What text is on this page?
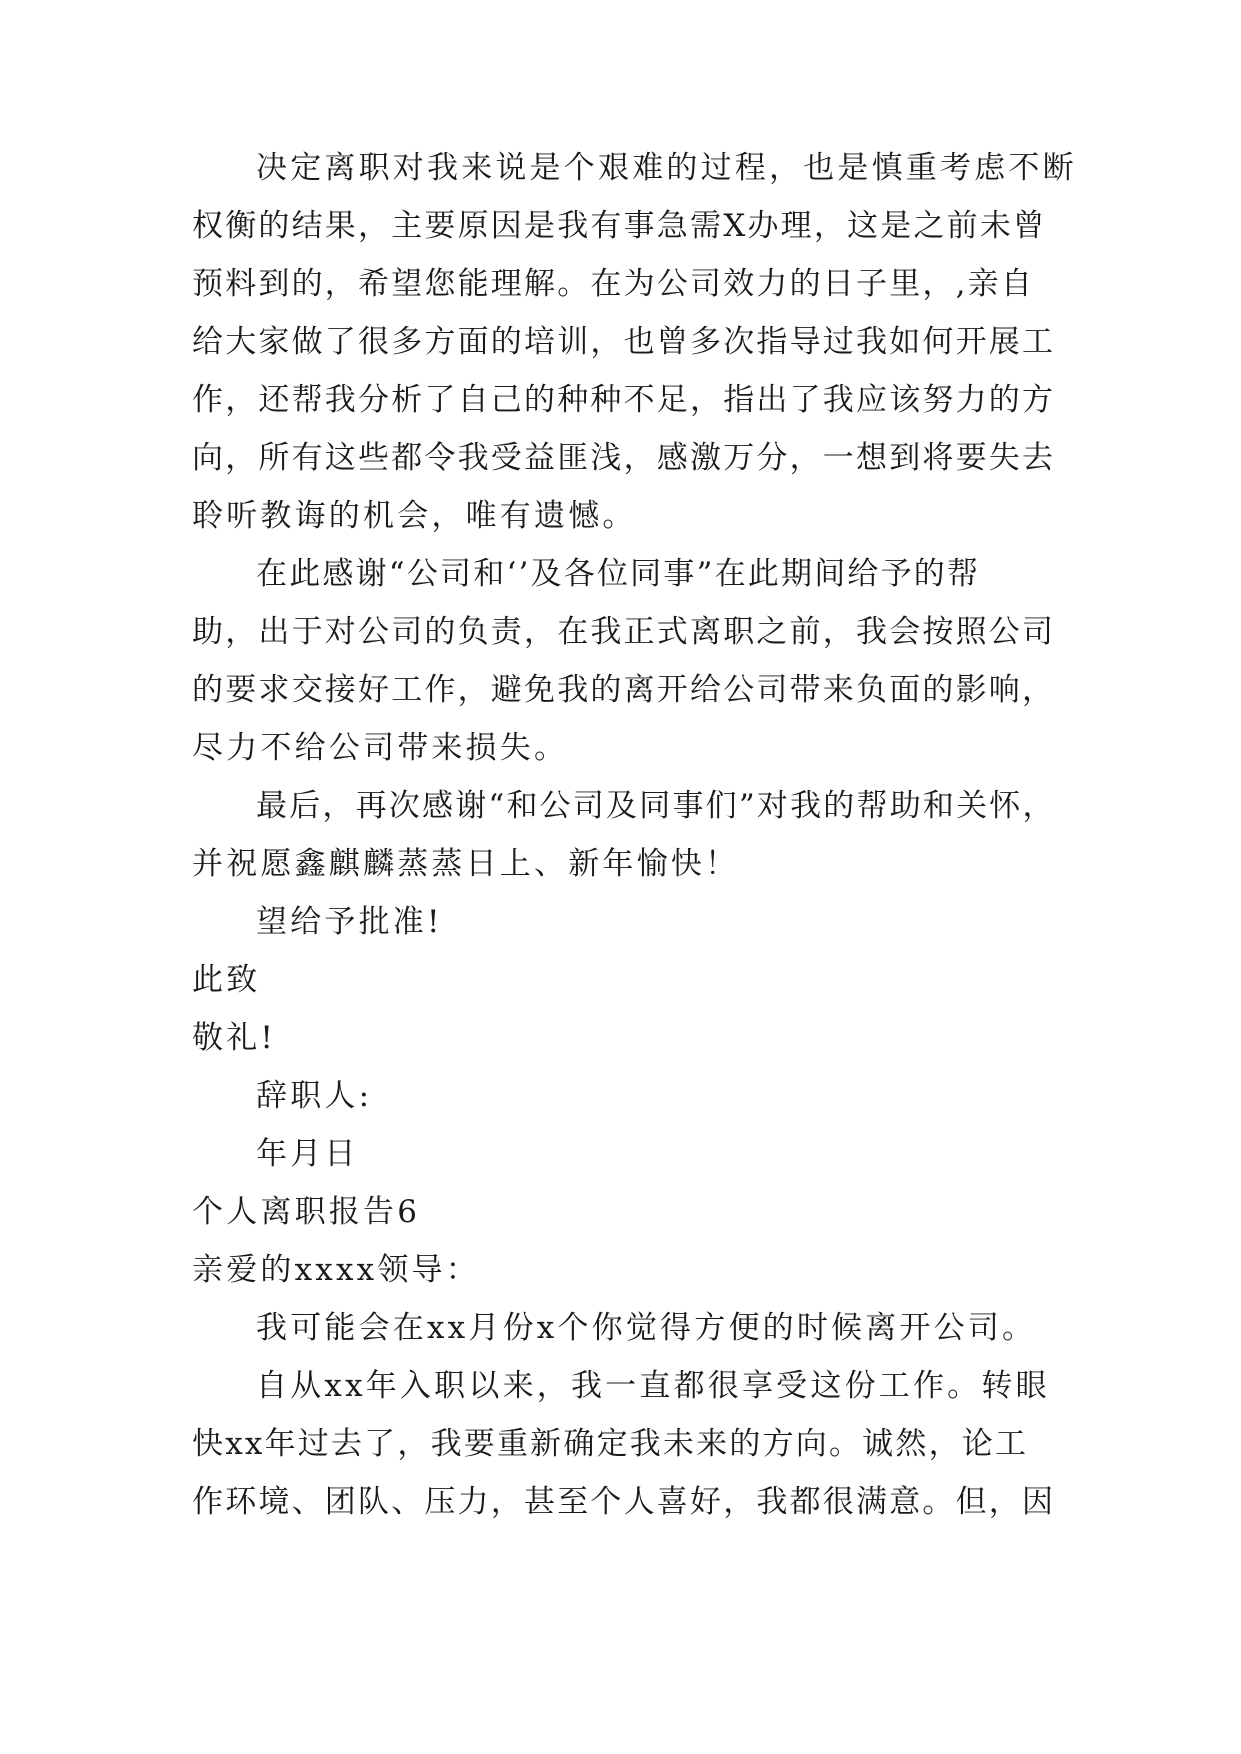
决定离职对我来说是个艰难的过程，也是慎重考虑不断
权衡的结果，主要原因是我有事急需X办理，这是之前未曾
预料到的，希望您能理解。在为公司效力的日子里，,亲自
给大家做了很多方面的培训，也曾多次指导过我如何开展工
作，还帮我分析了自己的种种不足，指出了我应该努力的方
向，所有这些都令我受益匪浅，感激万分，一想到将要失去
聆听教诲的机会，唯有遗憾。
在此感谢“公司和‘’及各位同事”在此期间给予的帮
助，出于对公司的负责，在我正式离职之前，我会按照公司
的要求交接好工作，避免我的离开给公司带来负面的影响，
尽力不给公司带来损失。
最后，再次感谢“和公司及同事们”对我的帮助和关怀，
并祝愿鑫麒麟蒸蒸日上、新年愉快！
望给予批准!
此致
敬礼!
辞职人:
年月日
个人离职报告6
亲爱的xxxx领导：
我可能会在xx月份x个你觉得方便的时候离开公司。
自从xx年入职以来，我一直都很享受这份工作。转眼
快xx年过去了，我要重新确定我未来的方向。诚然，论工
作环境、团队、压力，甚至个人喜好，我都很满意。但，因
